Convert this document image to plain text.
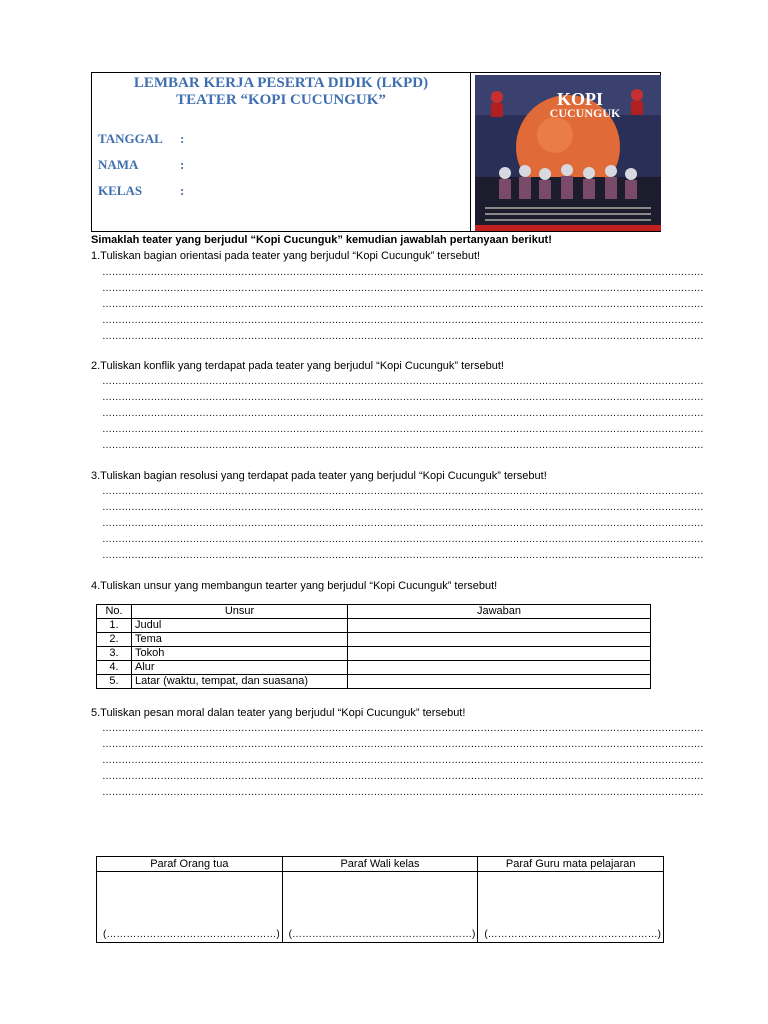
LEMBAR KERJA PESERTA DIDIK (LKPD)
TEATER “KOPI CUCUNGUK”
TANGGAL :
NAMA	:
KELAS	:
KOPI
CUCUNGUK
Simaklah teater yang berjudul “Kopi Cucunguk” kemudian jawablah pertanyaan berikut!
1.Tuliskan bagian orientasi pada teater yang berjudul “Kopi Cucunguk” tersebut!
……………………………………………………………………………………………………………………………………………………………………
……………………………………………………………………………………………………………………………………………………………………
……………………………………………………………………………………………………………………………………………………………………
……………………………………………………………………………………………………………………………………………………………………
……………………………………………………………………………………………………………………………………………………………………
2.Tuliskan konflik yang terdapat pada teater yang berjudul “Kopi Cucunguk” tersebut!
……………………………………………………………………………………………………………………………………………………………………
……………………………………………………………………………………………………………………………………………………………………
……………………………………………………………………………………………………………………………………………………………………
……………………………………………………………………………………………………………………………………………………………………
……………………………………………………………………………………………………………………………………………………………………
3.Tuliskan bagian resolusi yang terdapat pada teater yang berjudul “Kopi Cucunguk” tersebut!
……………………………………………………………………………………………………………………………………………………………………
……………………………………………………………………………………………………………………………………………………………………
……………………………………………………………………………………………………………………………………………………………………
……………………………………………………………………………………………………………………………………………………………………
……………………………………………………………………………………………………………………………………………………………………
4.Tuliskan unsur yang membangun tearter yang berjudul “Kopi Cucunguk” tersebut!
No.	Unsur	Jawaban
1.	Judul	
2.	Tema	
3.	Tokoh	
4.	Alur	
5.	Latar (waktu, tempat, dan suasana)	
5.Tuliskan pesan moral dalan teater yang berjudul “Kopi Cucunguk” tersebut!
……………………………………………………………………………………………………………………………………………………………………
……………………………………………………………………………………………………………………………………………………………………
……………………………………………………………………………………………………………………………………………………………………
……………………………………………………………………………………………………………………………………………………………………
……………………………………………………………………………………………………………………………………………………………………
Paraf Orang tua	Paraf Wali kelas	Paraf Guru mata pelajaran
(……………………………………………)	(………………………………………………)	(……………………………………………)
